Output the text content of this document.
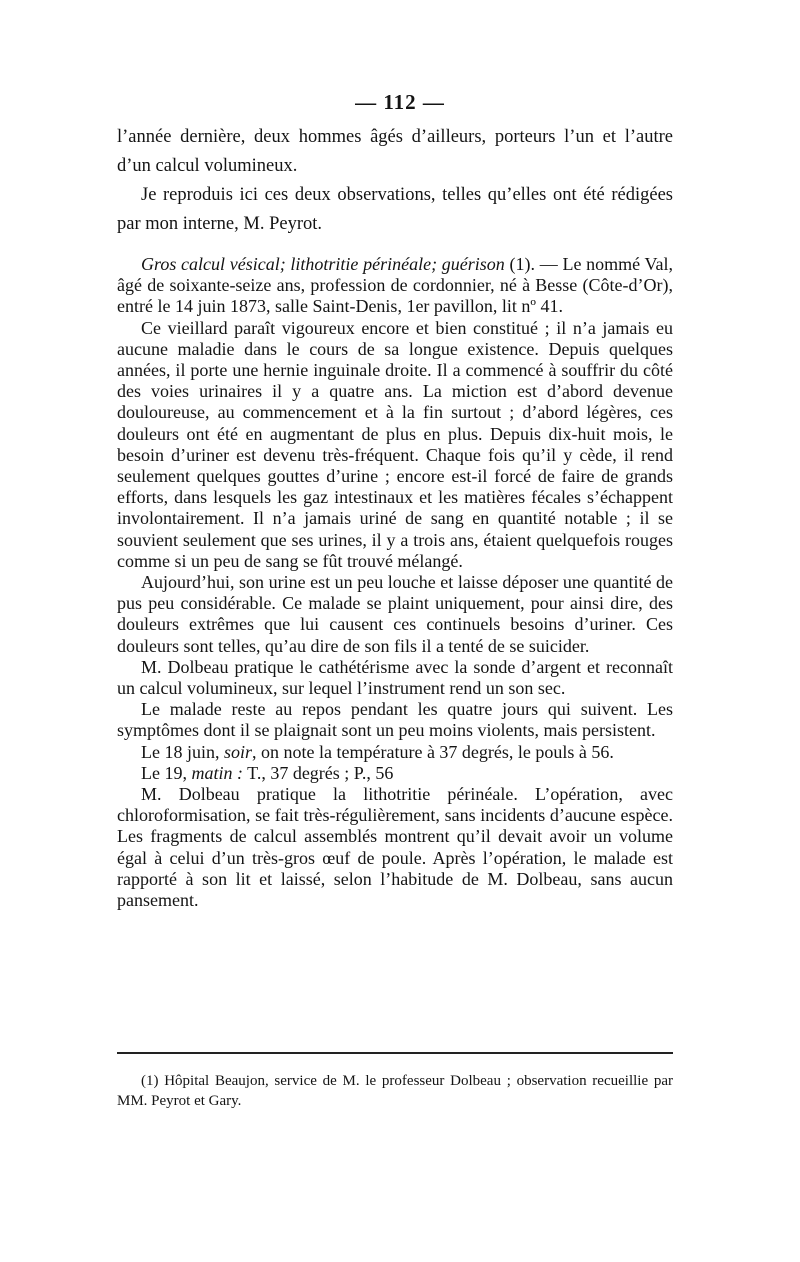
— 112 —

l’année dernière, deux hommes âgés d’ailleurs, porteurs l’un et l’autre d’un calcul volumineux.

Je reproduis ici ces deux observations, telles qu’elles ont été rédigées par mon interne, M. Peyrot.

Gros calcul vésical; lithotritie périnéale; guérison (1). — Le nommé Val, âgé de soixante-seize ans, profession de cordonnier, né à Besse (Côte-d’Or), entré le 14 juin 1873, salle Saint-Denis, 1er pavillon, lit nº 41.

Ce vieillard paraît vigoureux encore et bien constitué ; il n’a jamais eu aucune maladie dans le cours de sa longue existence. Depuis quelques années, il porte une hernie inguinale droite. Il a commencé à souffrir du côté des voies urinaires il y a quatre ans. La miction est d’abord devenue douloureuse, au commencement et à la fin surtout ; d’abord légères, ces douleurs ont été en augmentant de plus en plus. Depuis dix-huit mois, le besoin d’uriner est devenu très-fréquent. Chaque fois qu’il y cède, il rend seulement quelques gouttes d’urine ; encore est-il forcé de faire de grands efforts, dans lesquels les gaz intestinaux et les matières fécales s’échappent involontairement. Il n’a jamais uriné de sang en quantité notable ; il se souvient seulement que ses urines, il y a trois ans, étaient quelquefois rouges comme si un peu de sang se fût trouvé mélangé.

Aujourd’hui, son urine est un peu louche et laisse déposer une quantité de pus peu considérable. Ce malade se plaint uniquement, pour ainsi dire, des douleurs extrêmes que lui causent ces continuels besoins d’uriner. Ces douleurs sont telles, qu’au dire de son fils il a tenté de se suicider.

M. Dolbeau pratique le cathétérisme avec la sonde d’argent et reconnaît un calcul volumineux, sur lequel l’instrument rend un son sec.

Le malade reste au repos pendant les quatre jours qui suivent. Les symptômes dont il se plaignait sont un peu moins violents, mais persistent.

Le 18 juin, soir, on note la température à 37 degrés, le pouls à 56.

Le 19, matin : T., 37 degrés ; P., 56

M. Dolbeau pratique la lithotritie périnéale. L’opération, avec chloroformisation, se fait très-régulièrement, sans incidents d’aucune espèce. Les fragments de calcul assemblés montrent qu’il devait avoir un volume égal à celui d’un très-gros œuf de poule. Après l’opération, le malade est rapporté à son lit et laissé, selon l’habitude de M. Dolbeau, sans aucun pansement.

(1) Hôpital Beaujon, service de M. le professeur Dolbeau ; observation recueillie par MM. Peyrot et Gary.
